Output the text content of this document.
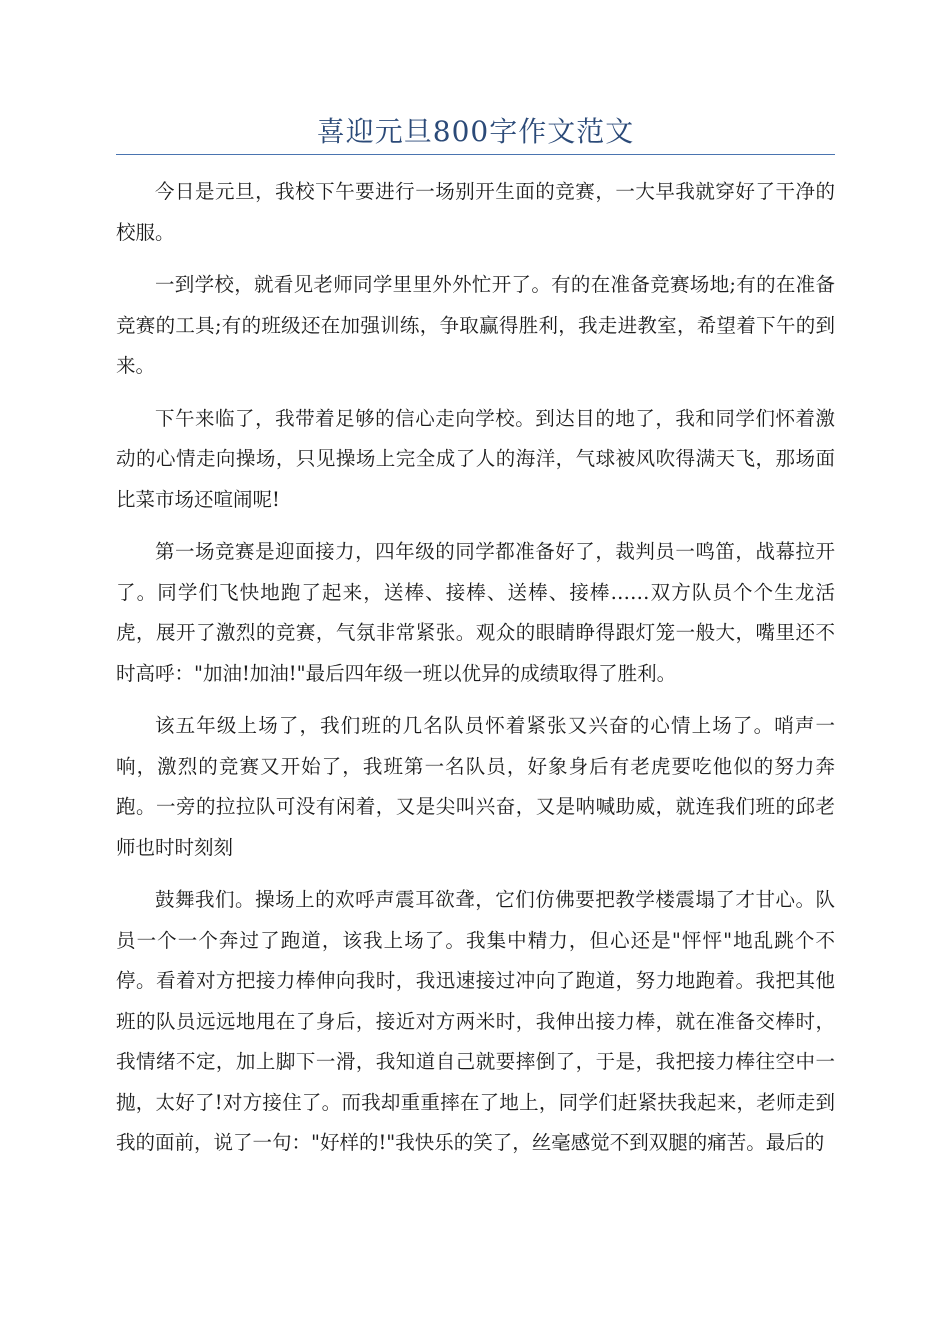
喜迎元旦800字作文范文

今日是元旦，我校下午要进行一场别开生面的竞赛，一大早我就穿好了干净的校服。

一到学校，就看见老师同学里里外外忙开了。有的在准备竞赛场地;有的在准备竞赛的工具;有的班级还在加强训练，争取赢得胜利，我走进教室，希望着下午的到来。

下午来临了，我带着足够的信心走向学校。到达目的地了，我和同学们怀着激动的心情走向操场，只见操场上完全成了人的海洋，气球被风吹得满天飞，那场面比菜市场还喧闹呢!

第一场竞赛是迎面接力，四年级的同学都准备好了，裁判员一鸣笛，战幕拉开了。同学们飞快地跑了起来，送棒、接棒、送棒、接棒……双方队员个个生龙活虎，展开了激烈的竞赛，气氛非常紧张。观众的眼睛睁得跟灯笼一般大，嘴里还不时高呼："加油!加油!"最后四年级一班以优异的成绩取得了胜利。

该五年级上场了，我们班的几名队员怀着紧张又兴奋的心情上场了。哨声一响，激烈的竞赛又开始了，我班第一名队员，好象身后有老虎要吃他似的努力奔跑。一旁的拉拉队可没有闲着，又是尖叫兴奋，又是呐喊助威，就连我们班的邱老师也时时刻刻

鼓舞我们。操场上的欢呼声震耳欲聋，它们仿佛要把教学楼震塌了才甘心。队员一个一个奔过了跑道，该我上场了。我集中精力，但心还是"怦怦"地乱跳个不停。看着对方把接力棒伸向我时，我迅速接过冲向了跑道，努力地跑着。我把其他班的队员远远地甩在了身后，接近对方两米时，我伸出接力棒，就在准备交棒时，我情绪不定，加上脚下一滑，我知道自己就要摔倒了，于是，我把接力棒往空中一抛，太好了!对方接住了。而我却重重摔在了地上，同学们赶紧扶我起来，老师走到我的面前，说了一句："好样的!"我快乐的笑了，丝毫感觉不到双腿的痛苦。最后的
